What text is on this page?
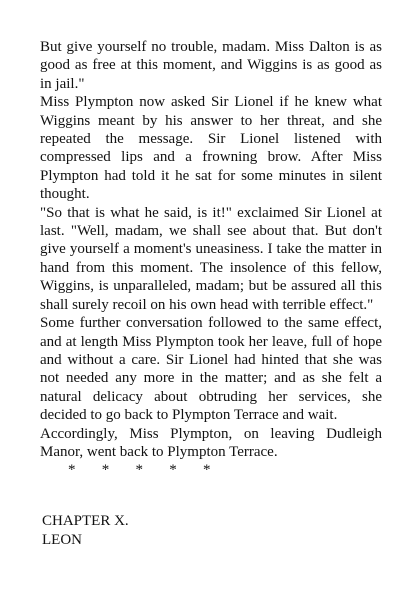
But give yourself no trouble, madam. Miss Dalton is as good as free at this moment, and Wiggins is as good as in jail."

Miss Plympton now asked Sir Lionel if he knew what Wiggins meant by his answer to her threat, and she repeated the message. Sir Lionel listened with compressed lips and a frowning brow. After Miss Plympton had told it he sat for some minutes in silent thought.

"So that is what he said, is it!" exclaimed Sir Lionel at last. "Well, madam, we shall see about that. But don't give yourself a moment's uneasiness. I take the matter in hand from this moment. The insolence of this fellow, Wiggins, is unparalleled, madam; but be assured all this shall surely recoil on his own head with terrible effect."

Some further conversation followed to the same effect, and at length Miss Plympton took her leave, full of hope and without a care. Sir Lionel had hinted that she was not needed any more in the matter; and as she felt a natural delicacy about obtruding her services, she decided to go back to Plympton Terrace and wait.

Accordingly, Miss Plympton, on leaving Dudleigh Manor, went back to Plympton Terrace.

*       *       *       *       *
CHAPTER X.
LEON
